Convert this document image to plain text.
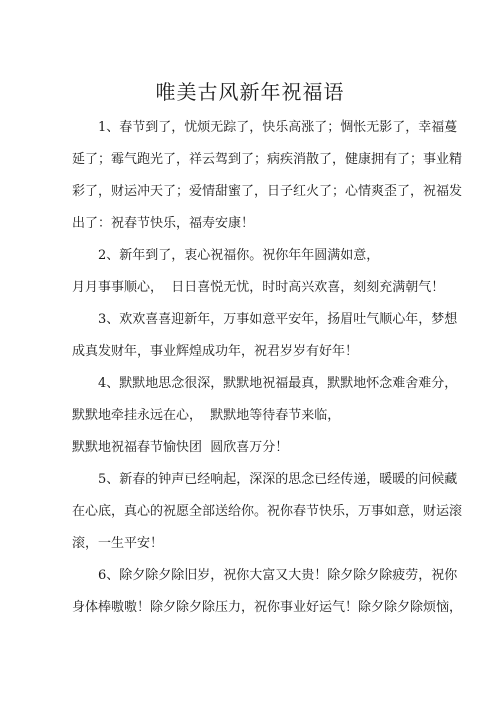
唯美古风新年祝福语

1、春节到了，忧烦无踪了，快乐高涨了；惆怅无影了，幸福蔓
延了；霉气跑光了，祥云驾到了；病疾消散了，健康拥有了；事业精
彩了，财运冲天了；爱情甜蜜了，日子红火了；心情爽歪了，祝福发
出了：祝春节快乐，福寿安康！

2、新年到了，衷心祝福你。祝你年年圆满如意，
月月事事顺心，  日日喜悦无忧，时时高兴欢喜，刻刻充满朝气！

3、欢欢喜喜迎新年，万事如意平安年，扬眉吐气顺心年，梦想
成真发财年，事业辉煌成功年，祝君岁岁有好年！

4、默默地思念很深，默默地祝福最真，默默地怀念难舍难分，
默默地牵挂永远在心，  默默地等待春节来临，
默默地祝福春节愉快团  圆欣喜万分！

5、新春的钟声已经响起，深深的思念已经传递，暖暖的问候藏
在心底，真心的祝愿全部送给你。祝你春节快乐，万事如意，财运滚
滚，一生平安！

6、除夕除夕除旧岁，祝你大富又大贵！除夕除夕除疲劳，祝你
身体棒嗷嗷！除夕除夕除压力，祝你事业好运气！除夕除夕除烦恼，
